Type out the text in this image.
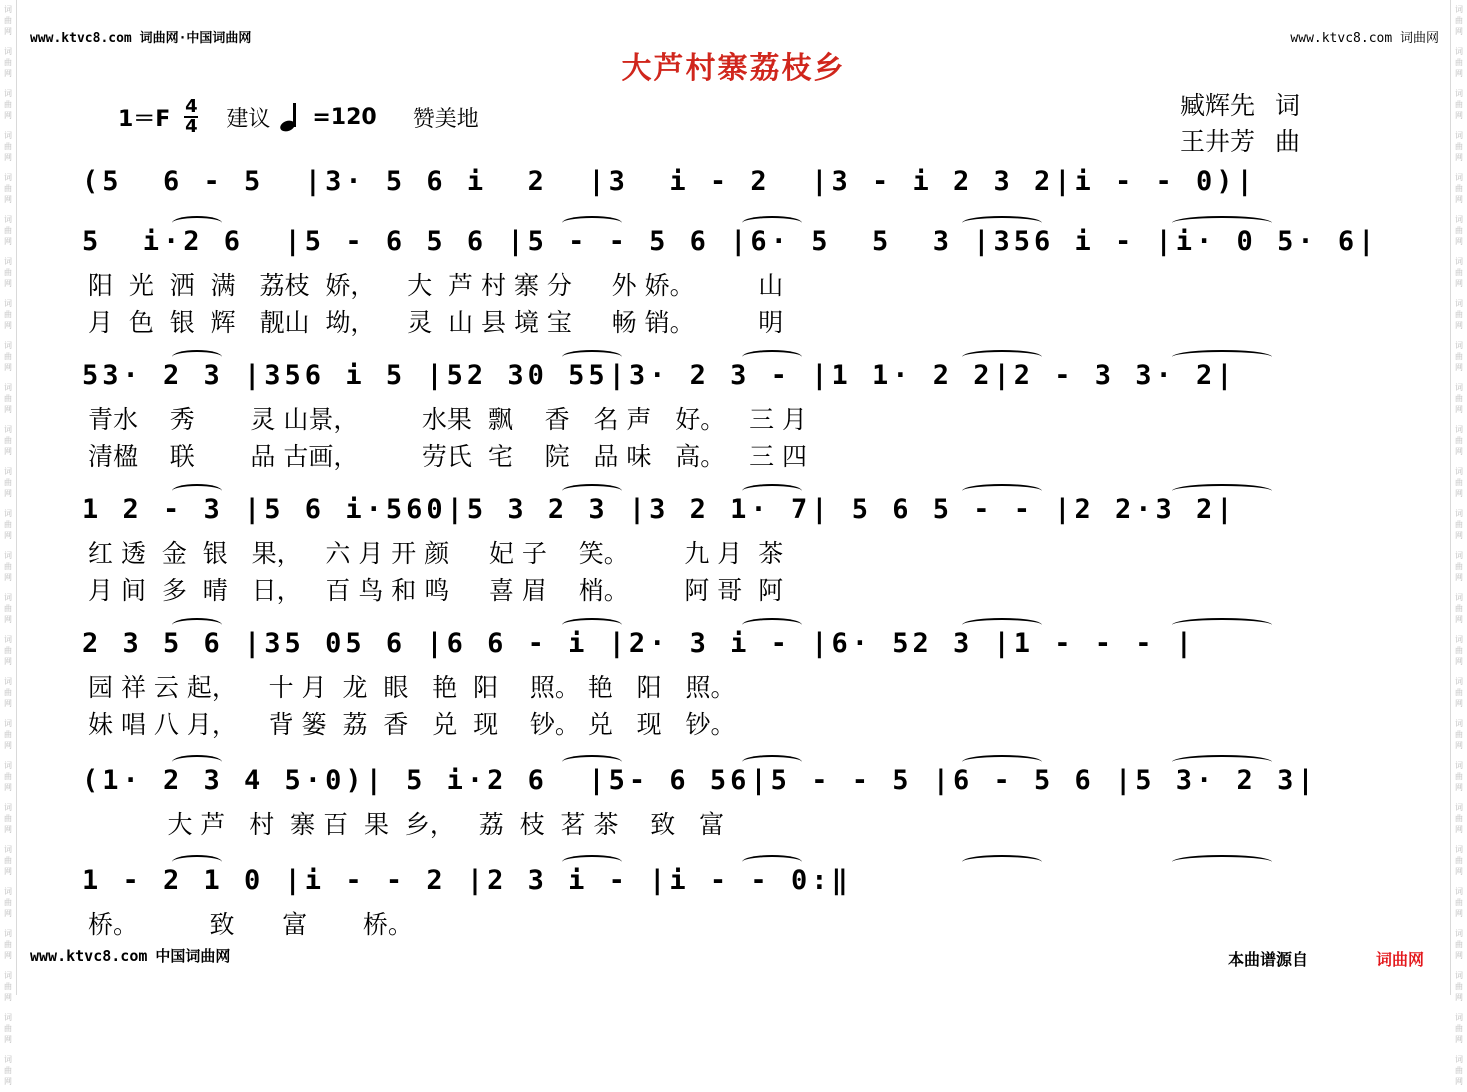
词
曲
网
词
曲
网
词
曲
网
词
曲
网
词
曲
网
词
曲
网
词
曲
网
词
曲
网
词
曲
网
词
曲
网
词
曲
网
词
曲
网
词
曲
网
词
曲
网
词
曲
网
词
曲
网
词
曲
网
词
曲
网
词
曲
网
词
曲
网
词
曲
网
词
曲
网
词
曲
网
词
曲
网
词
曲
网
词
曲
网
词
曲
网
词
曲
网
词
曲
网
词
曲
网
词
曲
网
词
曲
网
词
曲
网
词
曲
网
词
曲
网
词
曲
网
词
曲
网
词
曲
网
词
曲
网
词
曲
网
词
曲
网
词
曲
网
词
曲
网
词
曲
网
词
曲
网
词
曲
网
词
曲
网
词
曲
网
词
曲
网
词
曲
网
词
曲
网
词
曲
网
www.ktvc8.com 词曲网·中国词曲网	www.ktvc8.com 词曲网
大芦村寨荔枝乡
$1=F \frac{4}{4}$ 建议 =120 赞美地	臧辉先 词
王井芳 曲
(5  6 - 5  |3· 5 6 i  2  |3  i - 2  |3 - i 2 3 2|i - - 0)|
5  i·2 6  |5 - 6 5 6 |5 - - 5 6 |6· 5  5  3 |356 i - |i· 0 5· 6|
阳  光  洒  满   荔枝  娇，    大  芦 村 寨 分     外 娇。        山
月  色  银  辉   靓山  坳，    灵  山 县 境 宝     畅 销。        明
53· 2 3 |356 i 5 |52 30 55|3· 2 3 - |1 1· 2 2|2 - 3 3· 2|
青水    秀       灵 山景，        水果  飘    香   名 声   好。   三 月
清楹    联       品 古画，        劳氏  宅    院   品 味   高。   三 四
1 2 - 3 |5 6 i·560|5 3 2 3 |3 2 1· 7| 5 6 5 - - |2 2·3 2|
红 透  金  银   果，   六 月 开 颜     妃 子    笑。       九 月  茶
月 间  多  晴   日，   百 鸟 和 鸣     喜 眉    梢。       阿 哥  阿
2 3 5 6 |35 05 6 |6 6 - i |2· 3 i - |6· 52 3 |1 - - - |
园 祥 云 起，    十 月  龙  眼   艳  阳    照。 艳   阳   照。
妹 唱 八 月，    背 篓  荔  香   兑  现    钞。 兑   现   钞。
(1· 2 3 4 5·0)| 5 i·2 6  |5- 6 56|5 - - 5 |6 - 5 6 |5 3· 2 3|
大 芦   村  寨 百  果  乡，   荔  枝  茗 茶    致   富
1 - 2 1 0 |i - - 2 |2 3 i - |i - - 0:‖
桥。         致      富       桥。
www.ktvc8.com 中国词曲网	本曲谱源自	词曲网
